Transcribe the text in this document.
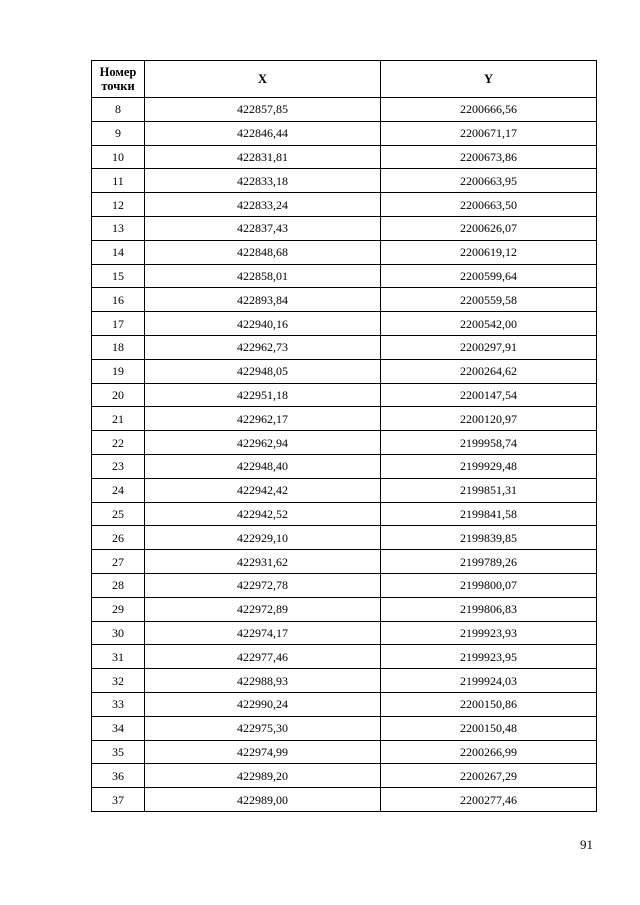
Номер точки	X	Y
8	422857,85	2200666,56
9	422846,44	2200671,17
10	422831,81	2200673,86
11	422833,18	2200663,95
12	422833,24	2200663,50
13	422837,43	2200626,07
14	422848,68	2200619,12
15	422858,01	2200599,64
16	422893,84	2200559,58
17	422940,16	2200542,00
18	422962,73	2200297,91
19	422948,05	2200264,62
20	422951,18	2200147,54
21	422962,17	2200120,97
22	422962,94	2199958,74
23	422948,40	2199929,48
24	422942,42	2199851,31
25	422942,52	2199841,58
26	422929,10	2199839,85
27	422931,62	2199789,26
28	422972,78	2199800,07
29	422972,89	2199806,83
30	422974,17	2199923,93
31	422977,46	2199923,95
32	422988,93	2199924,03
33	422990,24	2200150,86
34	422975,30	2200150,48
35	422974,99	2200266,99
36	422989,20	2200267,29
37	422989,00	2200277,46
91
